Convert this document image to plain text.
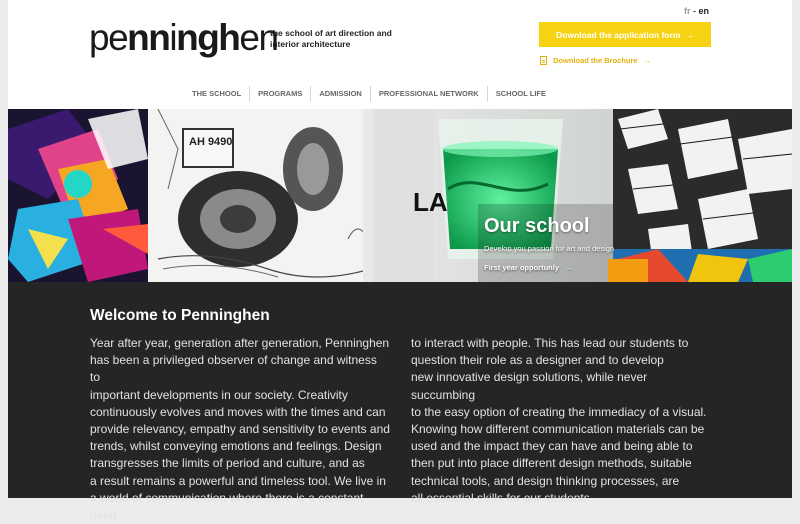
penninghen
the school of art direction and interior architecture
fr - en
Download the application form →
Download the Brochure →
THE SCHOOL	PROGRAMS	ADMISSION	PROFESSIONAL NETWORK	SCHOOL LIFE
AH 9490
LA
Our school
Develop you passion for art and design
First year opportunly →
Welcome to Penninghen
Year after year, generation after generation, Penninghen
has been a privileged observer of change and witness to
important developments in our society. Creativity
continuously evolves and moves with the times and can
provide relevancy, empathy and sensitivity to events and
trends, whilst conveying emotions and feelings. Design
transgresses the limits of period and culture, and as
a result remains a powerful and timeless tool. We live in
a world of communication where there is a constant need
to interact with people. This has lead our students to
question their role as a designer and to develop
new innovative design solutions, while never succumbing
to the easy option of creating the immediacy of a visual.
Knowing how different communication materials can be
used and the impact they can have and being able to
then put into place different design methods, suitable
technical tools, and design thinking processes, are
all essential skills for our students.
